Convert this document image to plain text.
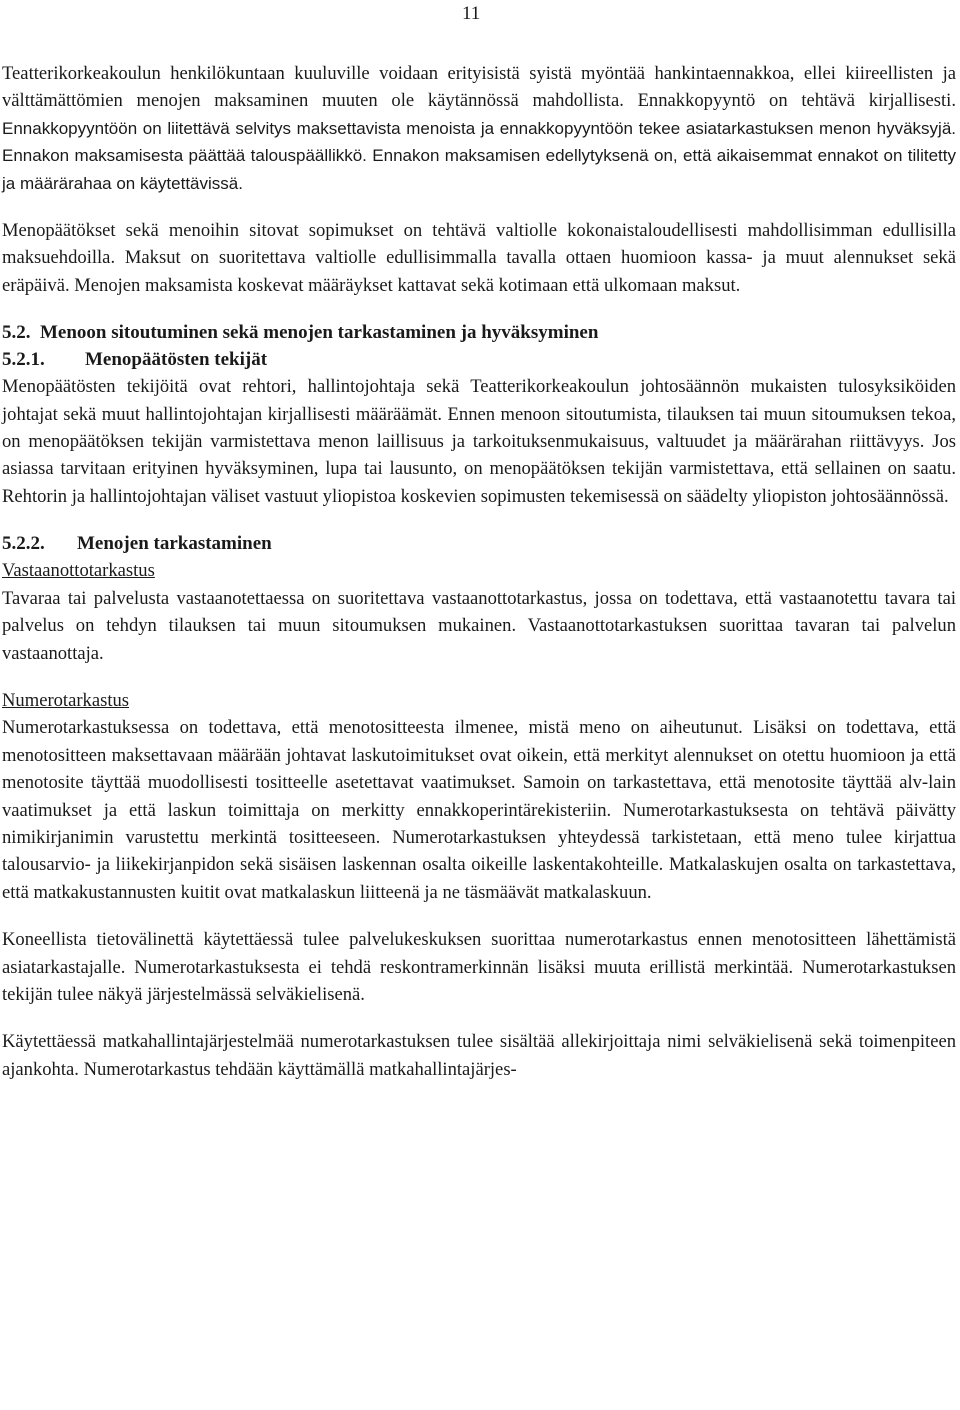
11

Teatterikorkeakoulun henkilökuntaan kuuluville voidaan erityisistä syistä myöntää hankintaennakkoa, ellei kiireellisten ja välttämättömien menojen maksaminen muuten ole käytännössä mahdollista. Ennakkopyyntö on tehtävä kirjallisesti. Ennakkopyyntöön on liitettävä selvitys maksettavista menoista ja ennakkopyyntöön tekee asiatarkastuksen menon hyväksyjä. Ennakon maksamisesta päättää talouspäällikkö. Ennakon maksamisen edellytyksenä on, että aikaisemmat ennakot on tilitetty ja määrärahaa on käytettävissä.

Menopäätökset sekä menoihin sitovat sopimukset on tehtävä valtiolle kokonaistaloudellisesti mahdollisimman edullisilla maksuehdoilla. Maksut on suoritettava valtiolle edullisimmalla tavalla ottaen huomioon kassa- ja muut alennukset sekä eräpäivä. Menojen maksamista koskevat määräykset kattavat sekä kotimaan että ulkomaan maksut.

5.2. Menoon sitoutuminen sekä menojen tarkastaminen ja hyväksyminen
5.2.1. Menopäätösten tekijät

Menopäätösten tekijöitä ovat rehtori, hallintojohtaja sekä Teatterikorkeakoulun johtosäännön mukaisten tulosyksiköiden johtajat sekä muut hallintojohtajan kirjallisesti määräämät. Ennen menoon sitoutumista, tilauksen tai muun sitoumuksen tekoa, on menopäätöksen tekijän varmistettava menon laillisuus ja tarkoituksenmukaisuus, valtuudet ja määrärahan riittävyys. Jos asiassa tarvitaan erityinen hyväksyminen, lupa tai lausunto, on menopäätöksen tekijän varmistettava, että sellainen on saatu. Rehtorin ja hallintojohtajan väliset vastuut yliopistoa koskevien sopimusten tekemisessä on säädelty yliopiston johtosäännössä.

5.2.2. Menojen tarkastaminen
Vastaanottotarkastus

Tavaraa tai palvelusta vastaanotettaessa on suoritettava vastaanottotarkastus, jossa on todettava, että vastaanotettu tavara tai palvelus on tehdyn tilauksen tai muun sitoumuksen mukainen. Vastaanottotarkastuksen suorittaa tavaran tai palvelun vastaanottaja.

Numerotarkastus

Numerotarkastuksessa on todettava, että menotositteesta ilmenee, mistä meno on aiheutunut. Lisäksi on todettava, että menotositteen maksettavaan määrään johtavat laskutoimitukset ovat oikein, että merkityt alennukset on otettu huomioon ja että menotosite täyttää muodollisesti tositteelle asetettavat vaatimukset. Samoin on tarkastettava, että menotosite täyttää alv-lain vaatimukset ja että laskun toimittaja on merkitty ennakkoperintärekisteriin. Numerotarkastuksesta on tehtävä päivätty nimikirjanimin varustettu merkintä tositteeseen. Numerotarkastuksen yhteydessä tarkistetaan, että meno tulee kirjattua talousarvio- ja liikekirjanpidon sekä sisäisen laskennan osalta oikeille laskentakohteille. Matkalaskujen osalta on tarkastettava, että matkakustannusten kuitit ovat matkalaskun liitteenä ja ne täsmäävät matkalaskuun.

Koneellista tietovälinettä käytettäessä tulee palvelukeskuksen suorittaa numerotarkastus ennen menotositteen lähettämistä asiatarkastajalle. Numerotarkastuksesta ei tehdä reskontramerkinnän lisäksi muuta erillistä merkintää. Numerotarkastuksen tekijän tulee näkyä järjestelmässä selväkielisenä.

Käytettäessä matkahallintajärjestelmää numerotarkastuksen tulee sisältää allekirjoittaja nimi selväkielisenä sekä toimenpiteen ajankohta. Numerotarkastus tehdään käyttämällä matkahallintajärjes-
